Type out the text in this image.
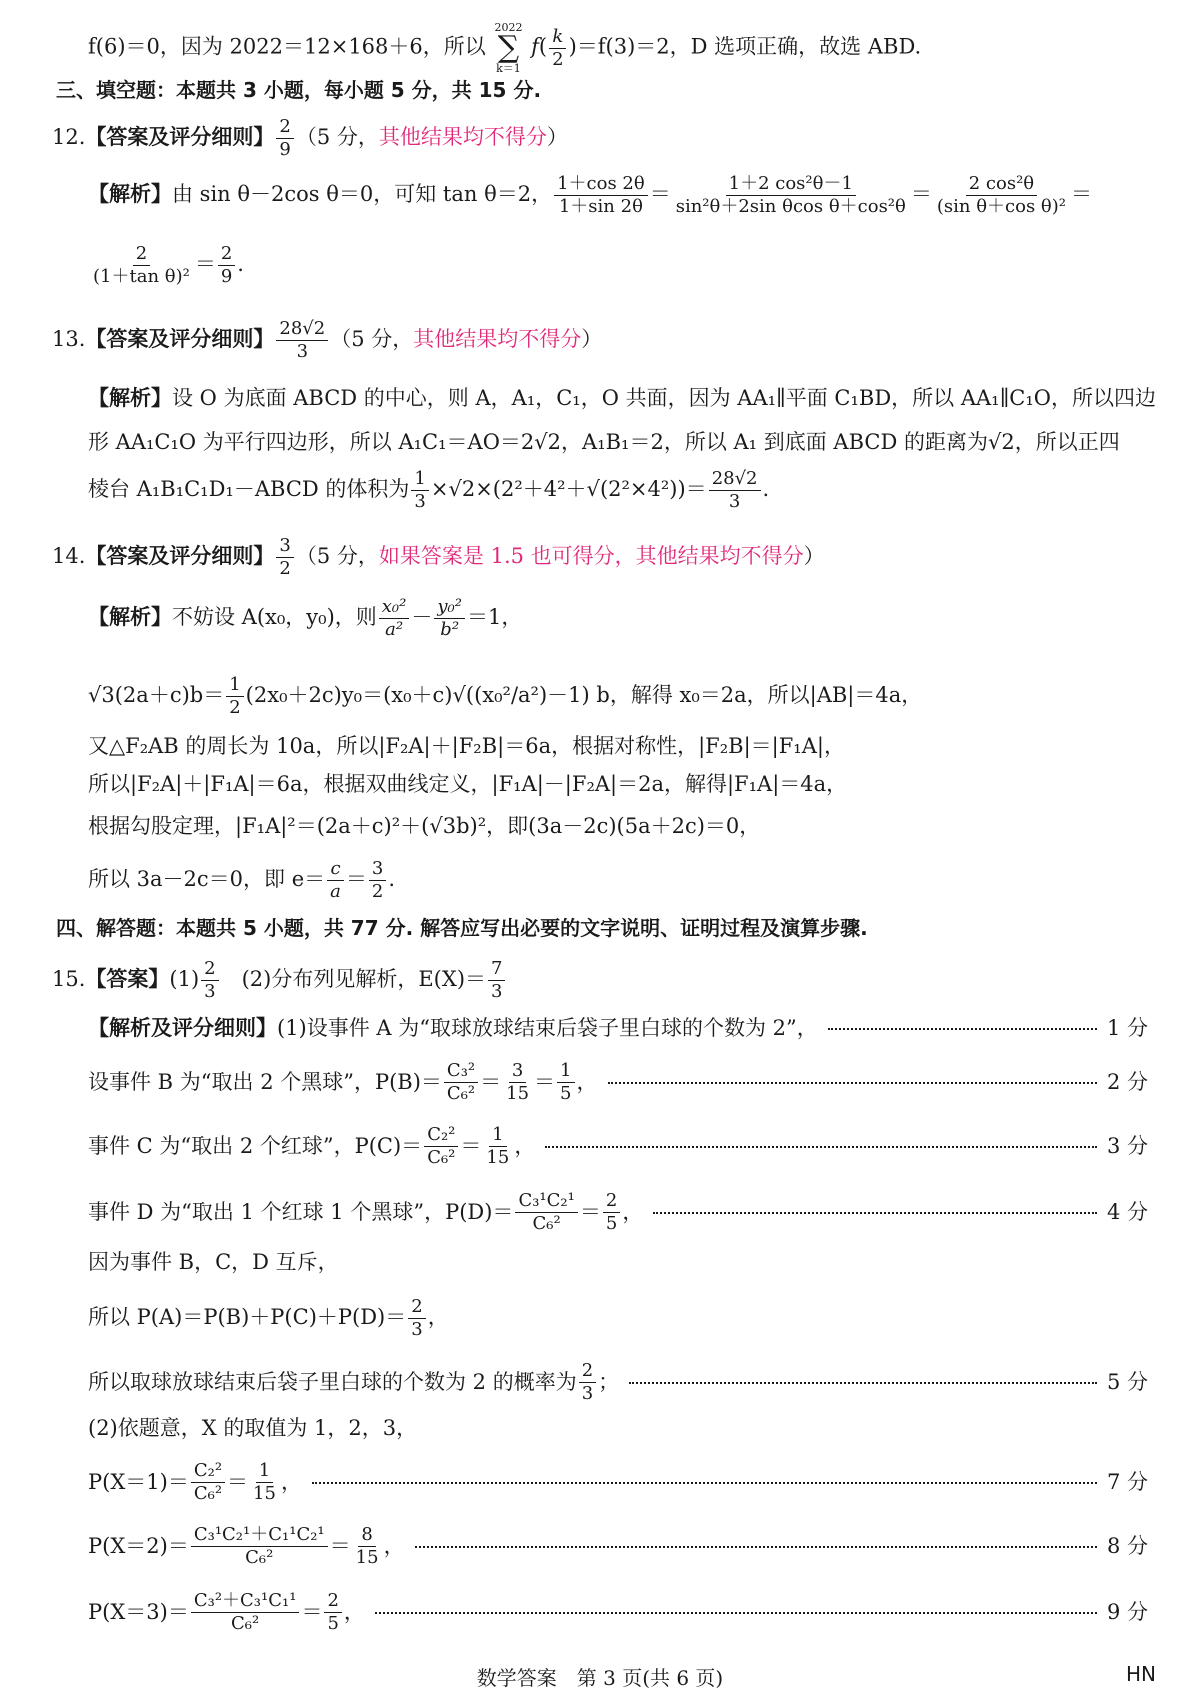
f(6)＝0，因为 2022＝12×168＋6，所以
2022
∑
k＝1
$f( \frac{k}{2} )=f(3)=2$，D 选项正确，故选 ABD.
三、填空题：本题共 3 小题，每小题 5 分，共 15 分.
12.【答案及评分细则】 $\frac{2}{9} (5$ 分，其他结果均不得分）
【解析】由 sin θ－2cos θ＝0，可知 tan θ＝2， $\frac{1+\cos 2\theta}{1+\sin 2\theta} = \frac{\text{1＋2 cos²θ－1}}{\text{sin²θ＋2sin θcos θ＋cos²θ}} = \frac{\text{2 cos²θ}}{\text{(sin θ＋cos θ)²}}$ ＝
$\frac{2}{\text{(1＋tan θ)²}} = \frac{2}{9}$ .
13.【答案及评分细则】 $\frac{28√2}{3} (5$ 分，其他结果均不得分）
【解析】设 O 为底面 ABCD 的中心，则 A，A₁，C₁，O 共面，因为 AA₁∥平面 C₁BD，所以 AA₁∥C₁O，所以四边
形 AA₁C₁O 为平行四边形，所以 A₁C₁＝AO＝2√2，A₁B₁＝2，所以 A₁ 到底面 ABCD 的距离为√2，所以正四
棱台 A₁B₁C₁D₁－ABCD 的体积为 $\frac{1}{3} \times√2\times(2^2+4^2+√(2^2\times 4^2))= \frac{28√2}{3}$ .
14.【答案及评分细则】 $\frac{3}{2} (5$ 分，如果答案是 1.5 也可得分，其他结果均不得分）
【解析】不妨设 A(x₀，y₀)，则 $\frac{\text{x₀²}}{\text{a²}} - \frac{\text{y₀²}}{\text{b²}} =1$，
$√3(2a+c)b= \frac{1}{2} (2x_0+2c)y_0=(x_0+c)√((x_0^2/a^2)-1)$ b，解得 x₀＝2a，所以|AB|＝4a，
又△F₂AB 的周长为 10a，所以|F₂A|＋|F₂B|＝6a，根据对称性，|F₂B|＝|F₁A|，
所以|F₂A|＋|F₁A|＝6a，根据双曲线定义，|F₁A|－|F₂A|＝2a，解得|F₁A|＝4a，
根据勾股定理，|F₁A|²＝(2a＋c)²＋(√3b)²，即(3a－2c)(5a＋2c)＝0，
所以 3a－2c＝0，即 $e= \frac{c}{a} = \frac{3}{2}$ .
四、解答题：本题共 5 小题，共 77 分. 解答应写出必要的文字说明、证明过程及演算步骤.
15.【答案】$(1) \frac{2}{3}$
　 (2)分布列见解析，$E(X)= \frac{7}{3}$
【解析及评分细则】 (1)设事件 A 为“取球放球结束后袋子里白球的个数为 2”，	1 分
设事件 B 为“取出 2 个黑球”，$P(B)= \frac{\text{C₃²}}{\text{C₆²}} = \frac{3}{15} = \frac{1}{5}$ ，	2 分
事件 C 为“取出 2 个红球”，$P(C)= \frac{\text{C₂²}}{\text{C₆²}} = \frac{1}{15}$ ，	3 分
事件 D 为“取出 1 个红球 1 个黑球”，$P(D)= \frac{\text{C₃¹C₂¹}}{\text{C₆²}} = \frac{2}{5}$ ，	4 分
因为事件 B，C，D 互斥，
所以 $P(A)=P(B)+P(C)+P(D)= \frac{2}{3}$ ，
所以取球放球结束后袋子里白球的个数为 2 的概率为 $\frac{2}{3}$ ；	5 分
(2)依题意，X 的取值为 1，2，3，
$P(X=1)= \frac{\text{C₂²}}{\text{C₆²}} = \frac{1}{15}$ ，	7 分
$P(X=2)= \frac{\text{C₃¹C₂¹＋C₁¹C₂¹}}{\text{C₆²}} = \frac{8}{15}$ ，	8 分
$P(X=3)= \frac{\text{C₃²＋C₃¹C₁¹}}{\text{C₆²}} = \frac{2}{5}$ ，	9 分
数学答案　第 3 页(共 6 页)	HN
